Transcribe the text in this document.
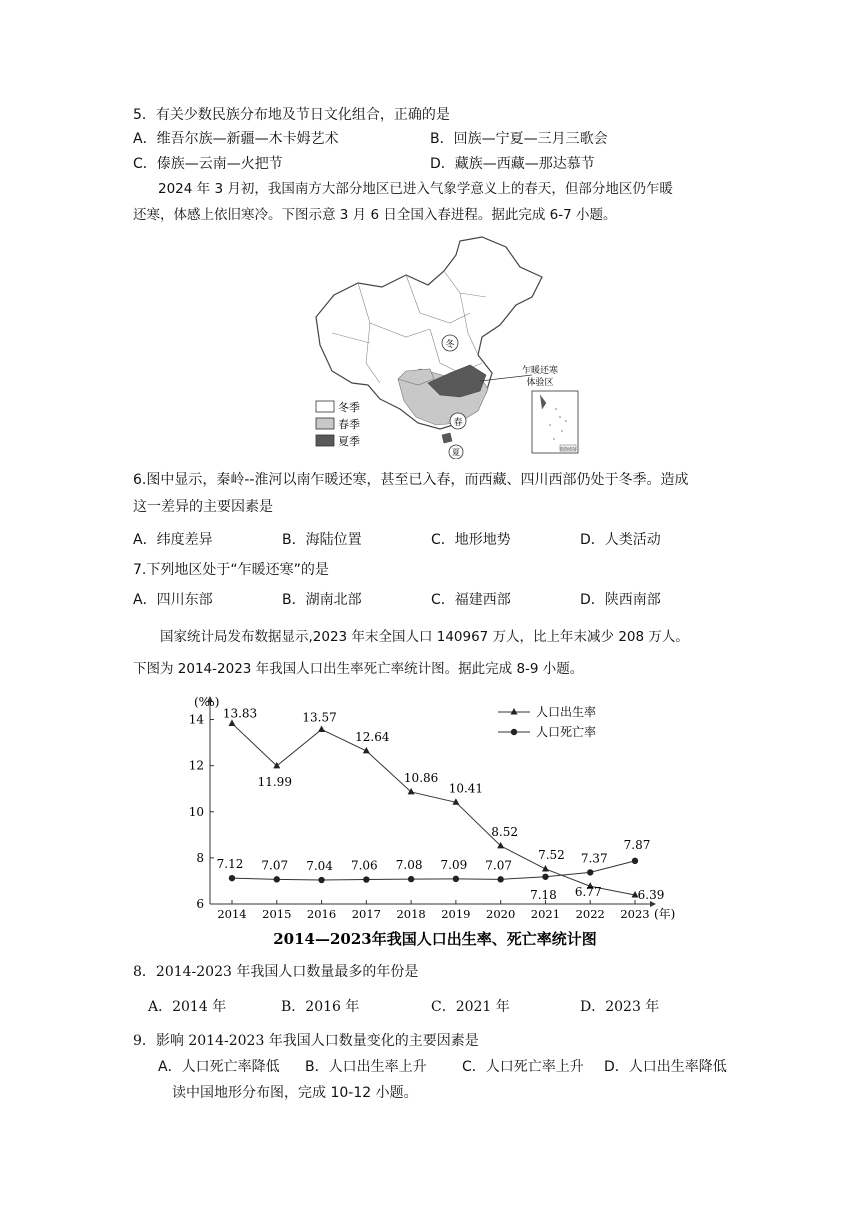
5．有关少数民族分布地及节日文化组合，正确的是
A．维吾尔族—新疆—木卡姆艺术	B．回族—宁夏—三月三歌会
C．傣族—云南—火把节	D．藏族—西藏—那达慕节
2024 年 3 月初，我国南方大部分地区已进入气象学意义上的春天，但部分地区仍乍暖
还寒，体感上依旧寒冷。下图示意 3 月 6 日全国入春进程。据此完成 6-7 小题。
冬
春
夏
乍暖还寒
体验区
南海诸岛
冬季
春季
夏季
6.图中显示，秦岭--淮河以南乍暖还寒，甚至已入春，而西藏、四川西部仍处于冬季。造成
这一差异的主要因素是
A．纬度差异	B．海陆位置	C．地形地势	D．人类活动
7.下列地区处于“乍暖还寒”的是
A．四川东部	B．湖南北部	C．福建西部	D．陕西南部
国家统计局发布数据显示,2023 年末全国人口 140967 万人，比上年末减少 208 万人。
下图为 2014-2023 年我国人口出生率死亡率统计图。据此完成 8-9 小题。
(‰)
(年)
6
8
10
12
14
2014 2015 2016 2017 2018 2019 2020 2021 2022 2023
13.83
11.99
13.57
12.64
10.86
10.41
8.52
7.52
6.77	6.39
7.12 7.07 7.04 7.06 7.08 7.09 7.07
7.18
7.37
7.87
人口出生率
人口死亡率
2014—2023年我国人口出生率、死亡率统计图
8．2014-2023 年我国人口数量最多的年份是
A．2014 年	B．2016 年	C．2021 年	D．2023 年
9．影响 2014-2023 年我国人口数量变化的主要因素是
A．人口死亡率降低 B．人口出生率上升	C．人口死亡率上升 D．人口出生率降低
读中国地形分布图，完成 10-12 小题。
